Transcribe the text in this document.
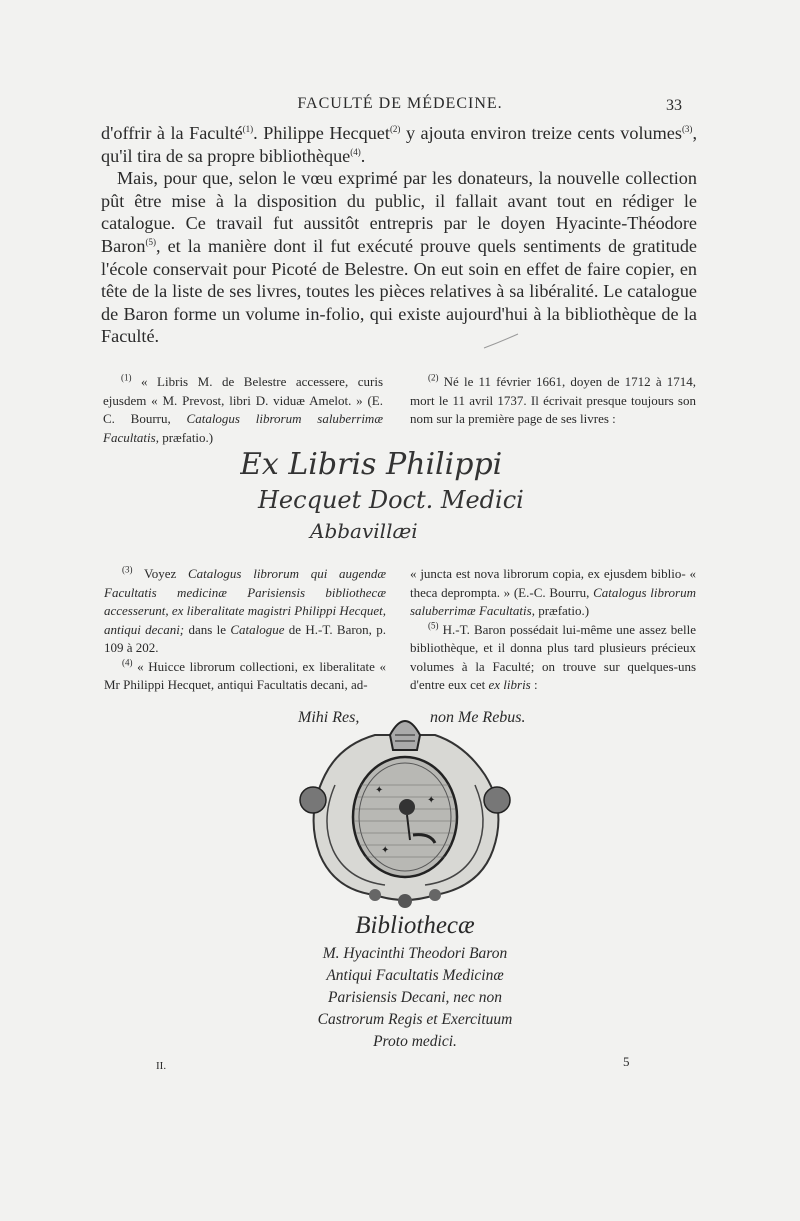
FACULTÉ DE MÉDECINE.	33

d'offrir à la Faculté$^{(1)}$. Philippe Hecquet$^{(2)}$ y ajouta environ treize cents volumes$^{(3)}$, qu'il tira de sa propre bibliothèque$^{(4)}$.

Mais, pour que, selon le vœu exprimé par les donateurs, la nouvelle collection pût être mise à la disposition du public, il fallait avant tout en rédiger le catalogue. Ce travail fut aussitôt entrepris par le doyen Hyacinte-Théodore Baron$^{(5)}$, et la manière dont il fut exécuté prouve quels sentiments de gratitude l'école conservait pour Picoté de Belestre. On eut soin en effet de faire copier, en tête de la liste de ses livres, toutes les pièces relatives à sa libéralité. Le catalogue de Baron forme un volume in-folio, qui existe aujourd'hui à la bibliothèque de la Faculté.

$^{(1)}$ « Libris M. de Belestre accessere, curis ejusdem « M. Prevost, libri D. viduæ Amelot. » (E. C. Bourru, Catalogus librorum saluberrimæ Facultatis, præfatio.)

$^{(2)}$ Né le 11 février 1661, doyen de 1712 à 1714, mort le 11 avril 1737. Il écrivait presque toujours son nom sur la première page de ses livres :

Ex Libris Philippi
Hecquet Doct. Medici
Abbavillæi

$^{(3)}$ Voyez Catalogus librorum qui augendæ Facultatis medicinæ Parisiensis bibliothecæ accesserunt, ex liberalitate magistri Philippi Hecquet, antiqui decani; dans le Catalogue de H.-T. Baron, p. 109 à 202.

$^{(4)}$ « Huicce librorum collectioni, ex liberalitate « Mr Philippi Hecquet, antiqui Facultatis decani, ad-

« juncta est nova librorum copia, ex ejusdem biblio- « theca deprompta. » (E.-C. Bourru, Catalogus librorum saluberrimæ Facultatis, præfatio.)

$^{(5)}$ H.-T. Baron possédait lui-même une assez belle bibliothèque, et il donna plus tard plusieurs précieux volumes à la Faculté; on trouve sur quelques-uns d'entre eux cet ex libris :

✦
✦
✦
Mihi Res,	non Me Rebus.
Bibliothecæ
M. Hyacinthi Theodori Baron
Antiqui Facultatis Medicinæ
Parisiensis Decani, nec non
Castrorum Regis et Exercituum
Proto medici.
II.	5
